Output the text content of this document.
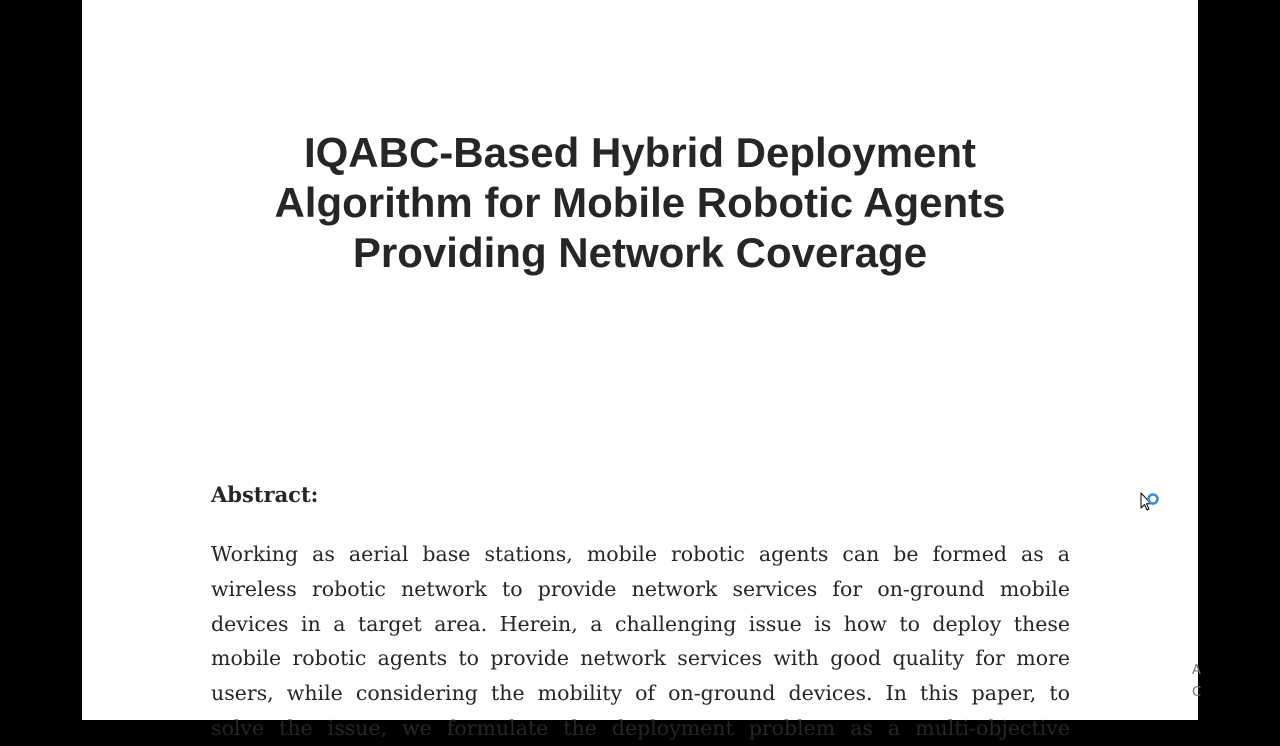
IQABC-Based Hybrid Deployment
Algorithm for Mobile Robotic Agents
Providing Network Coverage
Abstract:

Working as aerial base stations, mobile robotic agents can be formed as a
wireless robotic network to provide network services for on-ground mobile
devices in a target area. Herein, a challenging issue is how to deploy these
mobile robotic agents to provide network services with good quality for more
users, while considering the mobility of on-ground devices. In this paper, to
solve the issue, we formulate the deployment problem as a multi-objective

A
C
